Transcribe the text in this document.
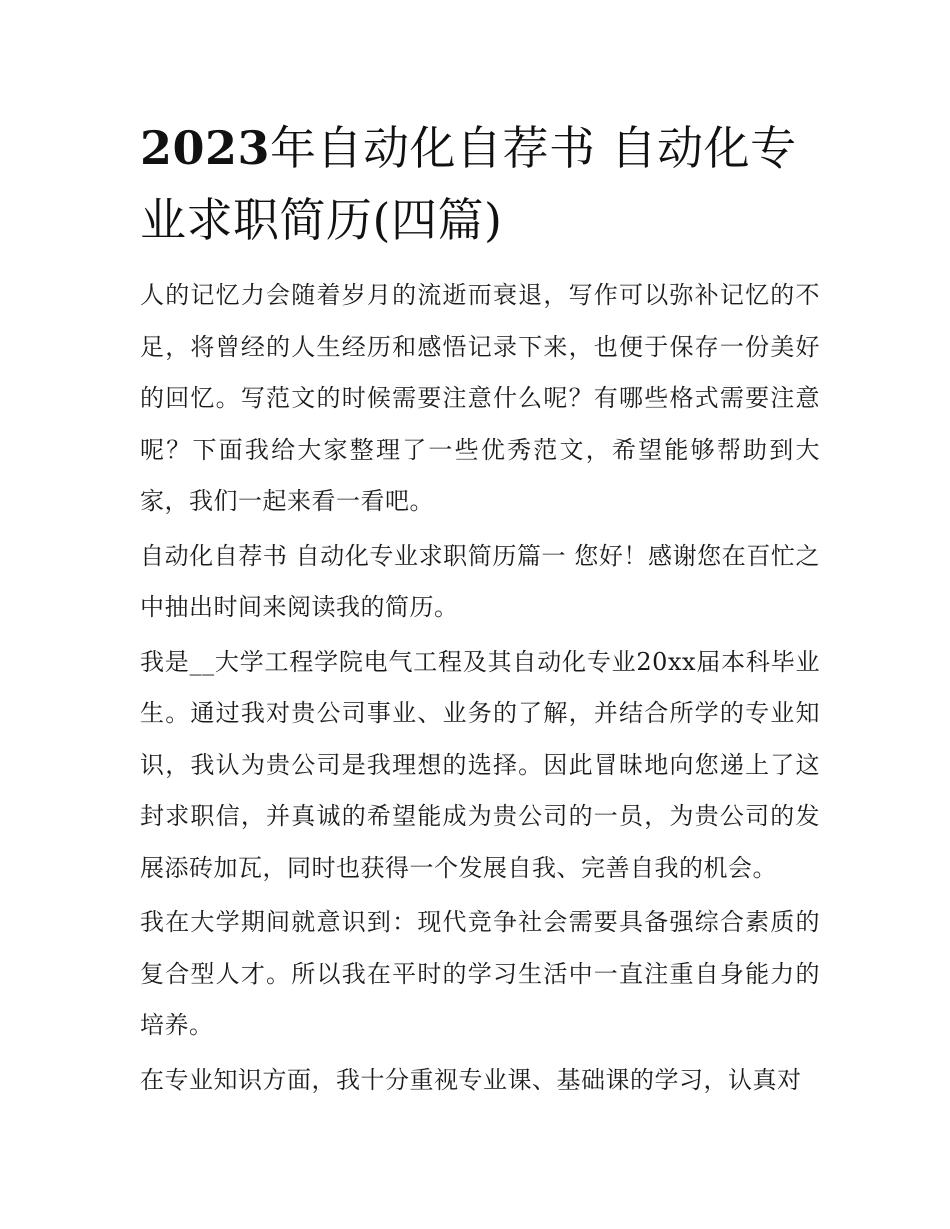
2023年自动化自荐书 自动化专业求职简历(四篇)

人的记忆力会随着岁月的流逝而衰退，写作可以弥补记忆的不足，将曾经的人生经历和感悟记录下来，也便于保存一份美好的回忆。写范文的时候需要注意什么呢？有哪些格式需要注意呢？下面我给大家整理了一些优秀范文，希望能够帮助到大家，我们一起来看一看吧。

自动化自荐书 自动化专业求职简历篇一 您好！感谢您在百忙之中抽出时间来阅读我的简历。

我是__大学工程学院电气工程及其自动化专业20xx届本科毕业生。通过我对贵公司事业、业务的了解，并结合所学的专业知识，我认为贵公司是我理想的选择。因此冒昧地向您递上了这封求职信，并真诚的希望能成为贵公司的一员，为贵公司的发展添砖加瓦，同时也获得一个发展自我、完善自我的机会。

我在大学期间就意识到：现代竞争社会需要具备强综合素质的复合型人才。所以我在平时的学习生活中一直注重自身能力的培养。

在专业知识方面，我十分重视专业课、基础课的学习，认真对
